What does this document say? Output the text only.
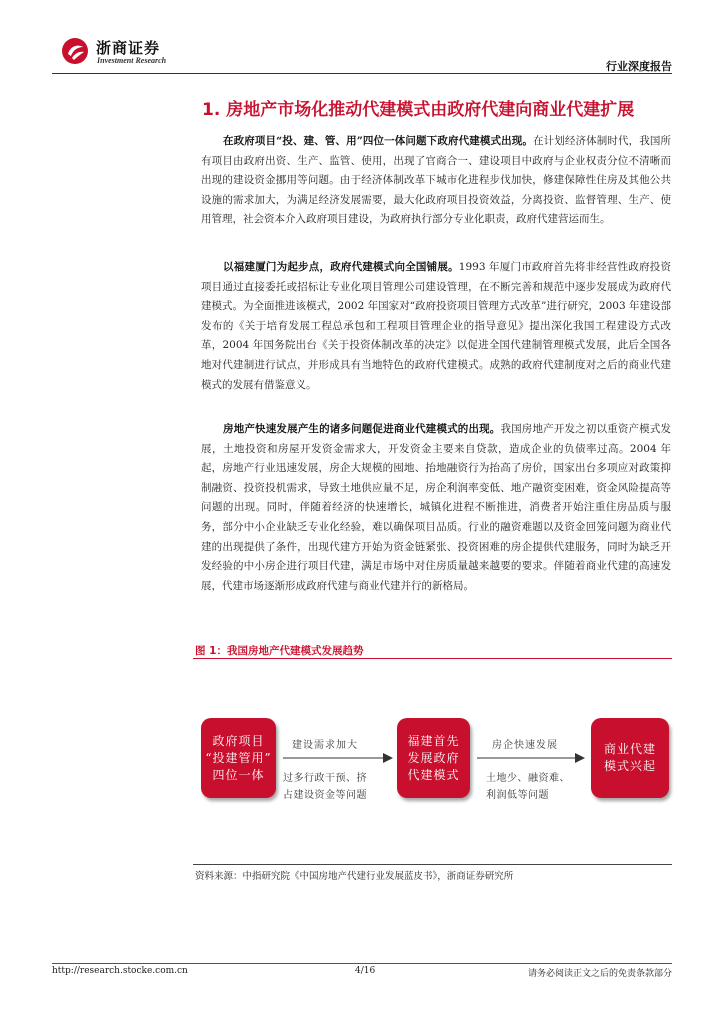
浙商证券
Investment Research	行业深度报告
1. 房地产市场化推动代建模式由政府代建向商业代建扩展

在政府项目“投、建、管、用”四位一体问题下政府代建模式出现。在计划经济体制时代，我国所有项目由政府出资、生产、监管、使用，出现了官商合一、建设项目中政府与企业权责分位不清晰而出现的建设资金挪用等问题。由于经济体制改革下城市化进程步伐加快，修建保障性住房及其他公共设施的需求加大，为满足经济发展需要，最大化政府项目投资效益，分离投资、监督管理、生产、使用管理，社会资本介入政府项目建设，为政府执行部分专业化职责，政府代建营运而生。

以福建厦门为起步点，政府代建模式向全国铺展。1993 年厦门市政府首先将非经营性政府投资项目通过直接委托或招标让专业化项目管理公司建设管理，在不断完善和规范中逐步发展成为政府代建模式。为全面推进该模式，2002 年国家对“政府投资项目管理方式改革”进行研究，2003 年建设部发布的《关于培育发展工程总承包和工程项目管理企业的指导意见》提出深化我国工程建设方式改革，2004 年国务院出台《关于投资体制改革的决定》以促进全国代建制管理模式发展，此后全国各地对代建制进行试点，并形成具有当地特色的政府代建模式。成熟的政府代建制度对之后的商业代建模式的发展有借鉴意义。

房地产快速发展产生的诸多问题促进商业代建模式的出现。我国房地产开发之初以重资产模式发展，土地投资和房屋开发资金需求大，开发资金主要来自贷款，造成企业的负债率过高。2004 年起，房地产行业迅速发展，房企大规模的囤地、抬地融资行为抬高了房价，国家出台多项应对政策抑制融资、投资投机需求，导致土地供应量不足，房企利润率变低、地产融资变困难，资金风险提高等问题的出现。同时，伴随着经济的快速增长，城镇化进程不断推进，消费者开始注重住房品质与服务，部分中小企业缺乏专业化经验，难以确保项目品质。行业的融资难题以及资金回笼问题为商业代建的出现提供了条件，出现代建方开始为资金链紧张、投资困难的房企提供代建服务，同时为缺乏开发经验的中小房企进行项目代建，满足市场中对住房质量越来越要的要求。伴随着商业代建的高速发展，代建市场逐渐形成政府代建与商业代建并行的新格局。

图 1：我国房地产代建模式发展趋势
政府项目
“投建管用”
四位一体
建设需求加大
过多行政干预、挤
占建设资金等问题
福建首先
发展政府
代建模式
房企快速发展
土地少、融资难、
利润低等问题
商业代建
模式兴起
资料来源：中指研究院《中国房地产代建行业发展蓝皮书》，浙商证券研究所
http://research.stocke.com.cn	4/16	请务必阅读正文之后的免责条款部分
